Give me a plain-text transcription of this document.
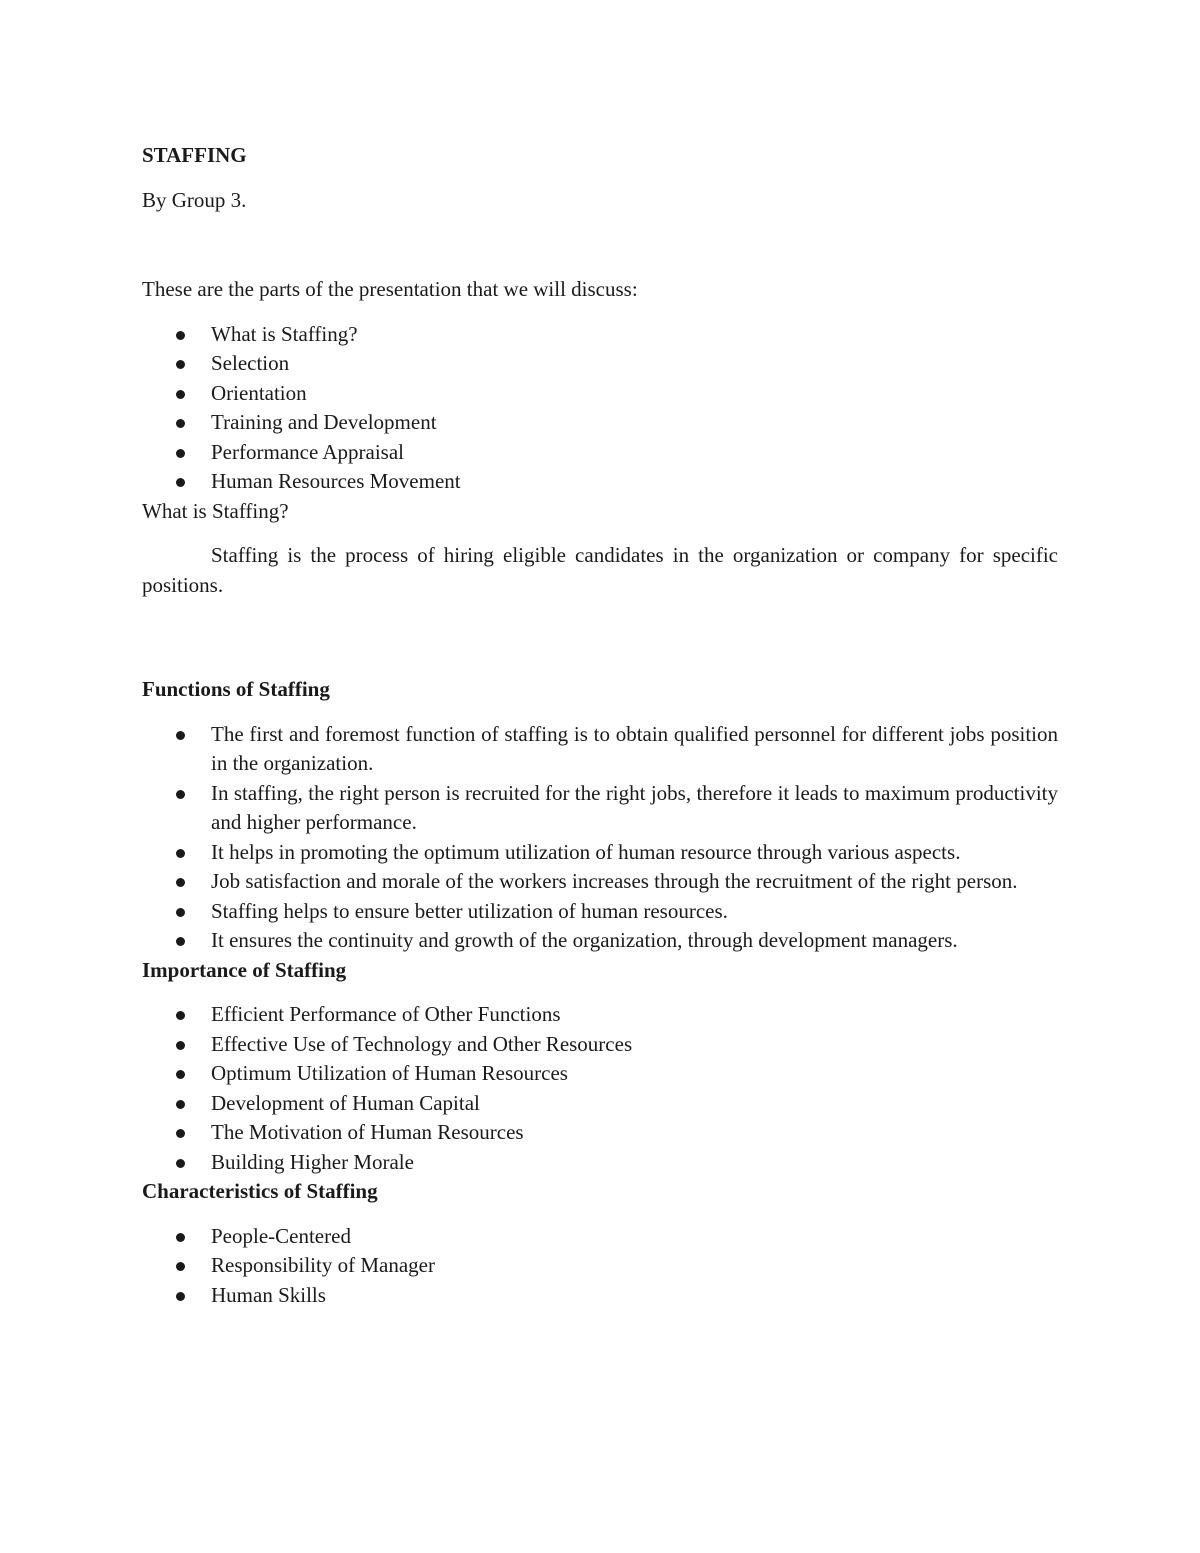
STAFFING
By Group 3.
These are the parts of the presentation that we will discuss:
What is Staffing?
Selection
Orientation
Training and Development
Performance Appraisal
Human Resources Movement
What is Staffing?
Staffing is the process of hiring eligible candidates in the organization or company for specific positions.
Functions of Staffing
The first and foremost function of staffing is to obtain qualified personnel for different jobs position in the organization.
In staffing, the right person is recruited for the right jobs, therefore it leads to maximum productivity and higher performance.
It helps in promoting the optimum utilization of human resource through various aspects.
Job satisfaction and morale of the workers increases through the recruitment of the right person.
Staffing helps to ensure better utilization of human resources.
It ensures the continuity and growth of the organization, through development managers.
Importance of Staffing
Efficient Performance of Other Functions
Effective Use of Technology and Other Resources
Optimum Utilization of Human Resources
Development of Human Capital
The Motivation of Human Resources
Building Higher Morale
Characteristics of Staffing
People-Centered
Responsibility of Manager
Human Skills
